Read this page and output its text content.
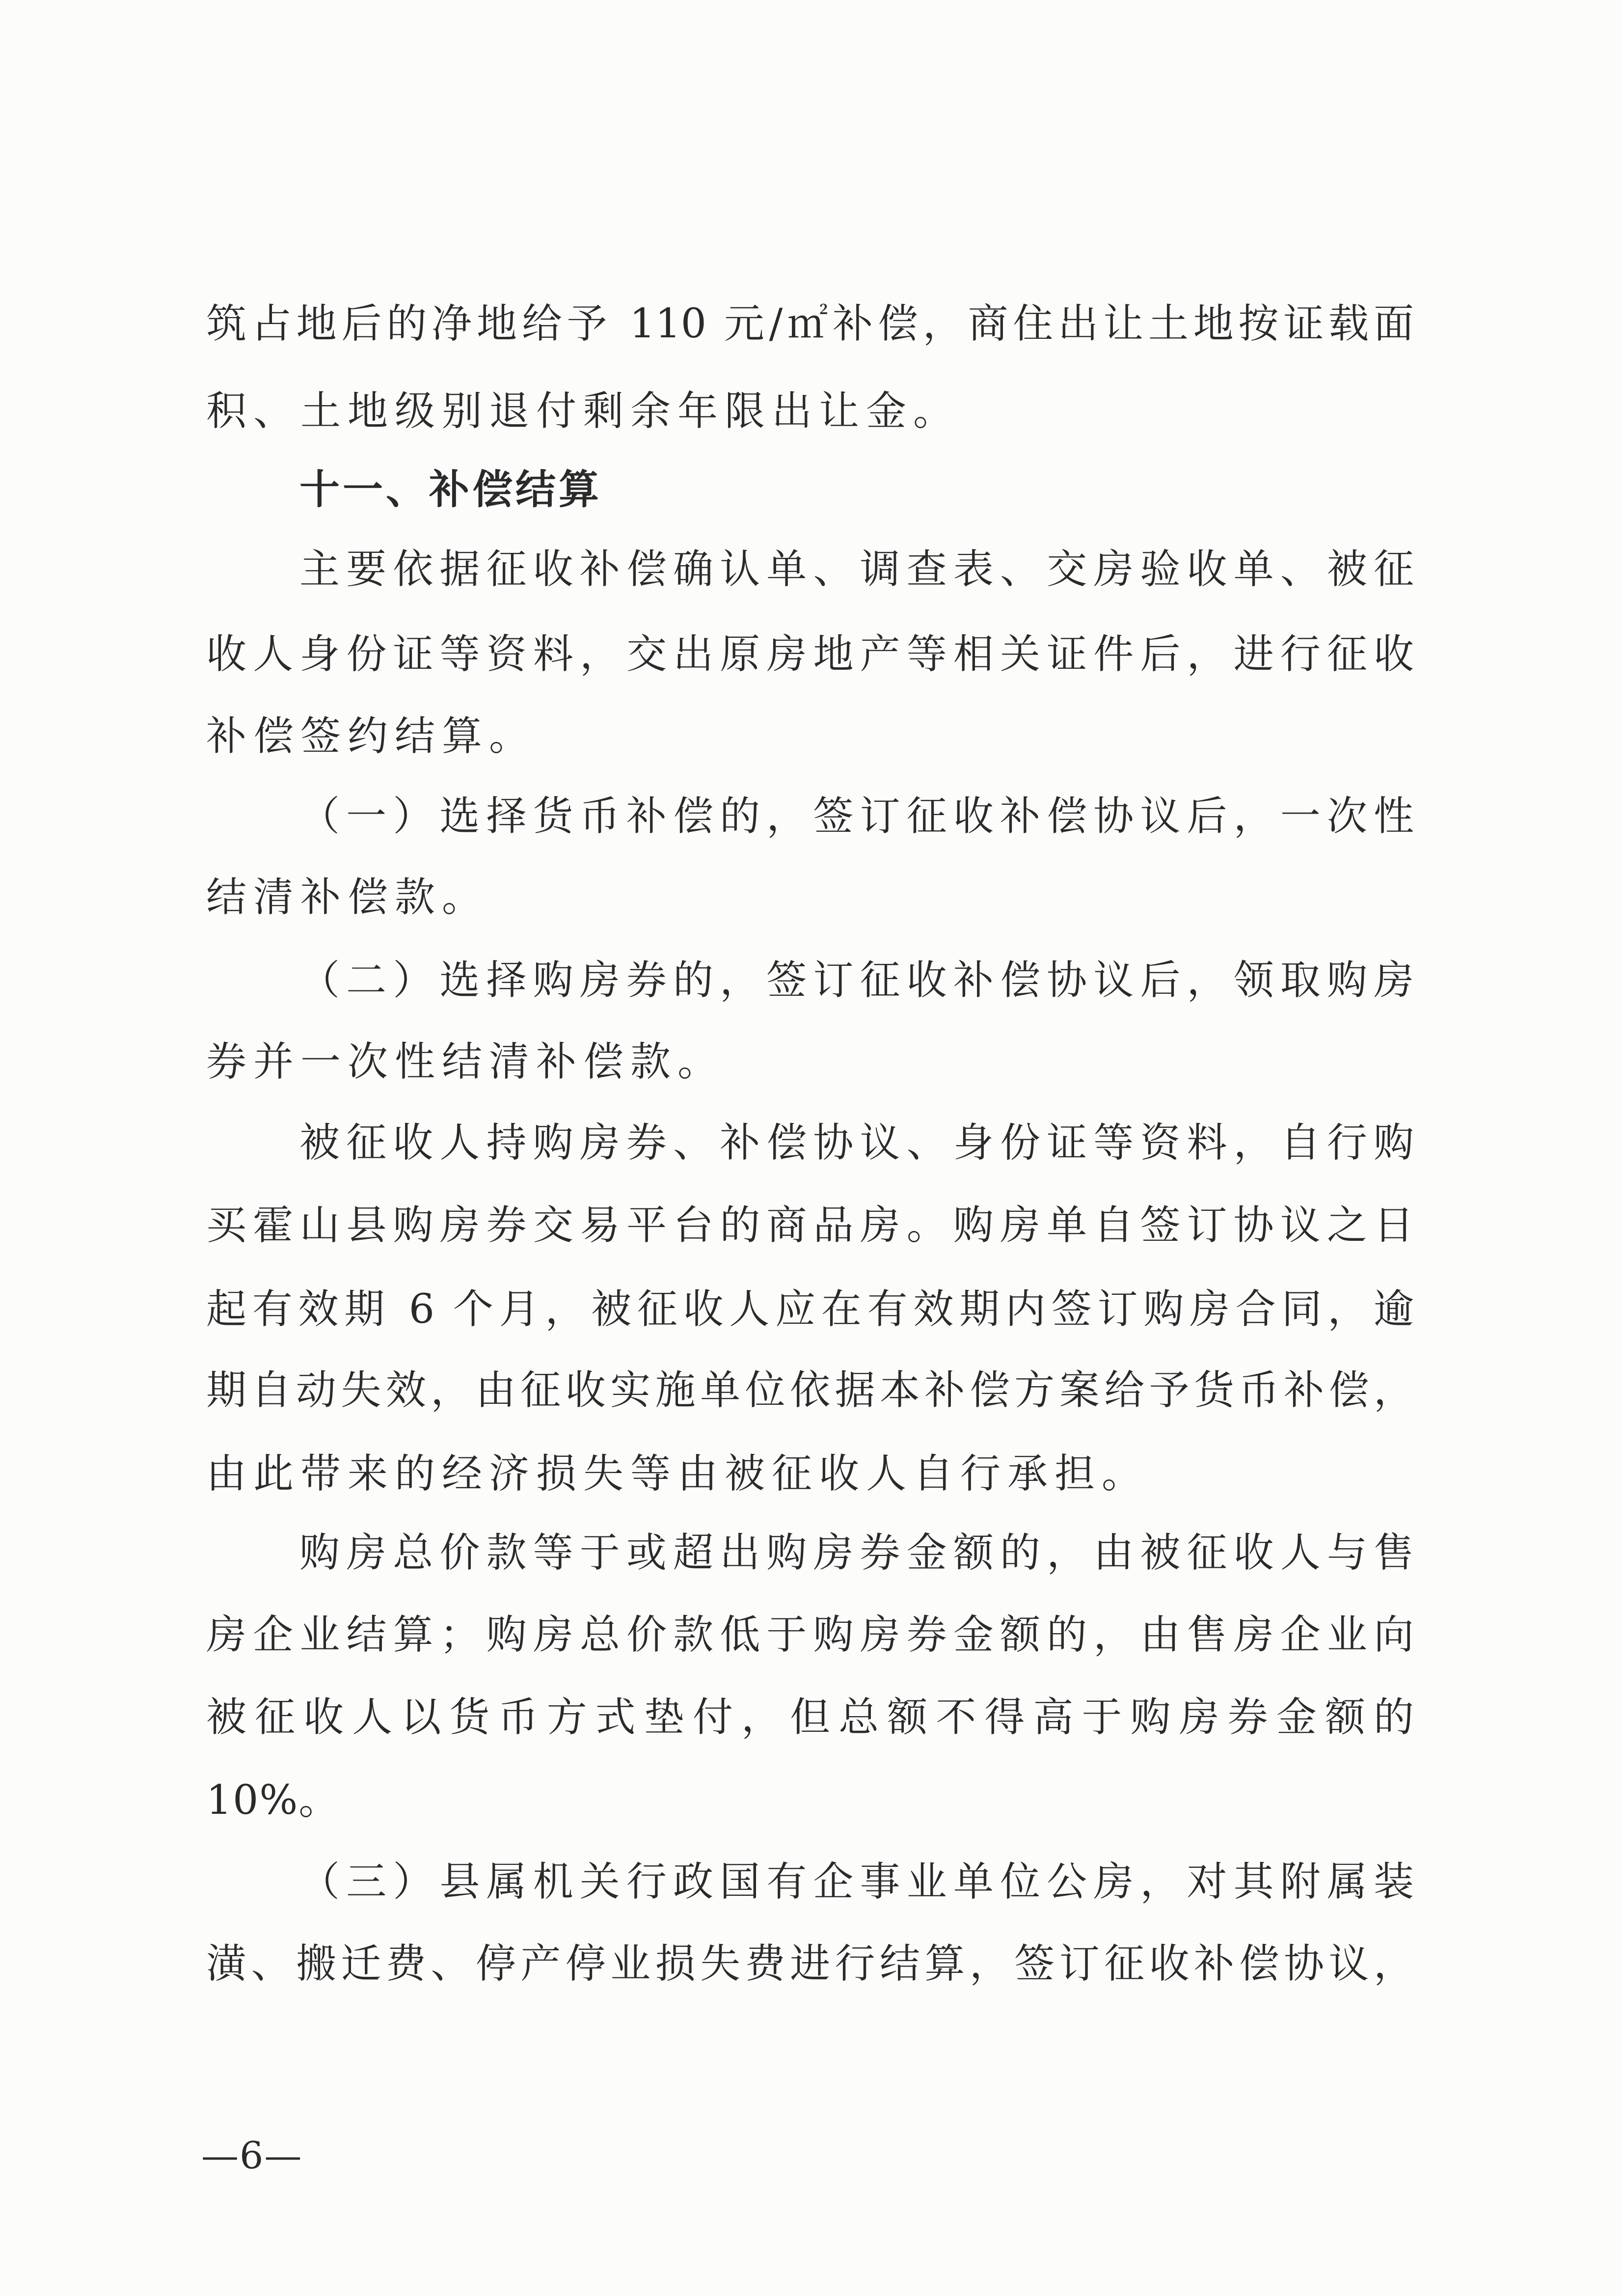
筑占地后的净地给予 110 元/㎡补偿，商住出让土地按证载面
积、土地级别退付剩余年限出让金。
十一、补偿结算
主要依据征收补偿确认单、调查表、交房验收单、被征
收人身份证等资料，交出原房地产等相关证件后，进行征收
补偿签约结算。
（一）选择货币补偿的，签订征收补偿协议后，一次性
结清补偿款。
（二）选择购房券的，签订征收补偿协议后，领取购房
券并一次性结清补偿款。
被征收人持购房券、补偿协议、身份证等资料，自行购
买霍山县购房券交易平台的商品房。购房单自签订协议之日
起有效期 6 个月，被征收人应在有效期内签订购房合同，逾
期自动失效，由征收实施单位依据本补偿方案给予货币补偿，
由此带来的经济损失等由被征收人自行承担。
购房总价款等于或超出购房券金额的，由被征收人与售
房企业结算；购房总价款低于购房券金额的，由售房企业向
被征收人以货币方式垫付，但总额不得高于购房券金额的
10%。
（三）县属机关行政国有企事业单位公房，对其附属装
潢、搬迁费、停产停业损失费进行结算，签订征收补偿协议，
—6—
